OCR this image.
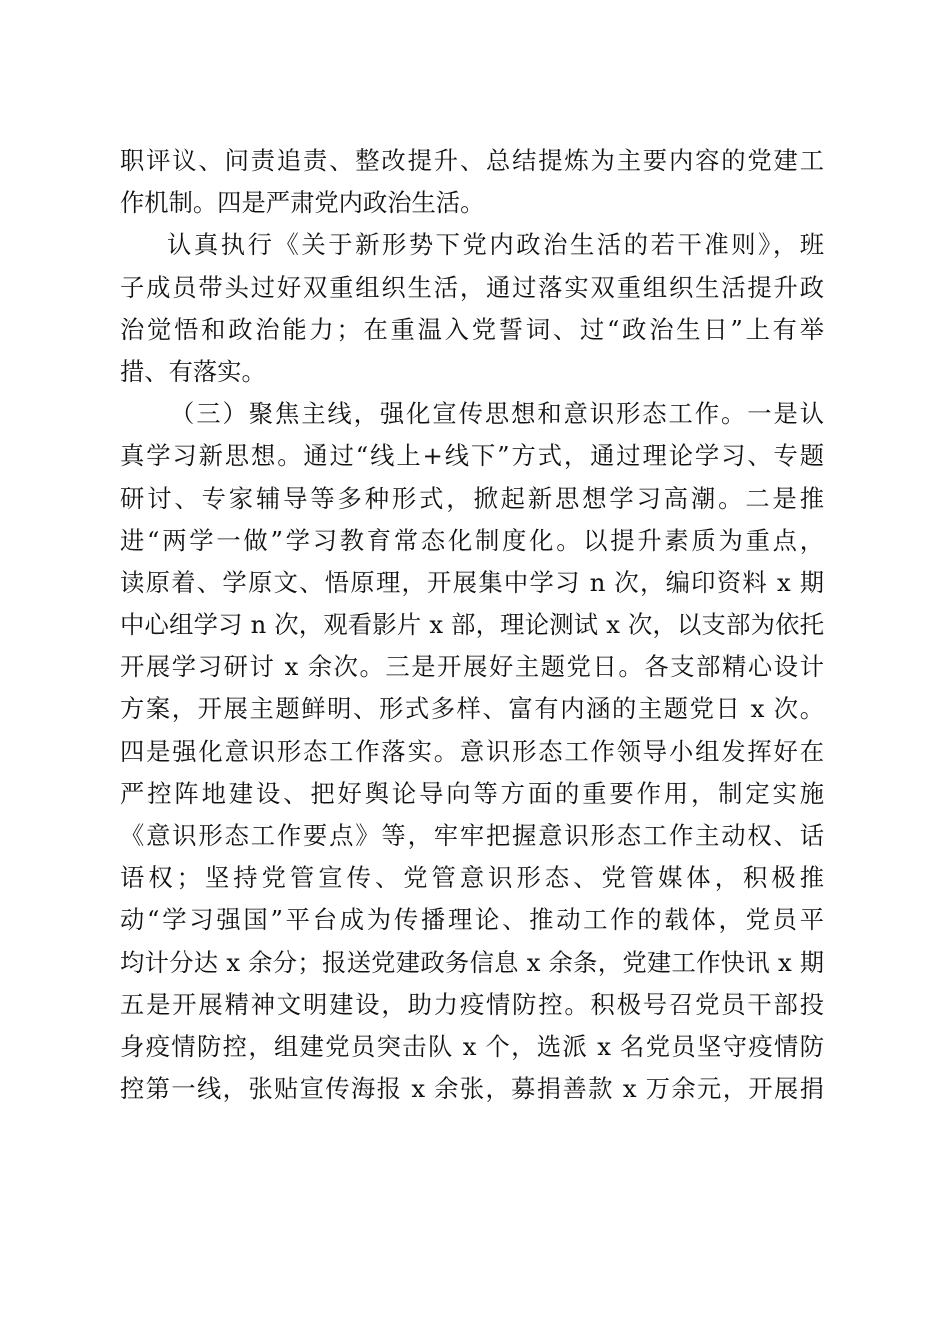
职评议、问责追责、整改提升、总结提炼为主要内容的党建工
作机制。四是严肃党内政治生活。
认真执行《关于新形势下党内政治生活的若干准则》，班
子成员带头过好双重组织生活，通过落实双重组织生活提升政
治觉悟和政治能力；在重温入党誓词、过“政治生日”上有举
措、有落实。
（三）聚焦主线，强化宣传思想和意识形态工作。一是认
真学习新思想。通过“线上+线下”方式，通过理论学习、专题
研讨、专家辅导等多种形式，掀起新思想学习高潮。二是推
进“两学一做”学习教育常态化制度化。以提升素质为重点，
读原着、学原文、悟原理，开展集中学习 n 次，编印资料 x 期
中心组学习 n 次，观看影片 x 部，理论测试 x 次，以支部为依托
开展学习研讨 x 余次。三是开展好主题党日。各支部精心设计
方案，开展主题鲜明、形式多样、富有内涵的主题党日 x 次。
四是强化意识形态工作落实。意识形态工作领导小组发挥好在
严控阵地建设、把好舆论导向等方面的重要作用，制定实施
《意识形态工作要点》等，牢牢把握意识形态工作主动权、话
语权；坚持党管宣传、党管意识形态、党管媒体，积极推
动“学习强国”平台成为传播理论、推动工作的载体，党员平
均计分达 x 余分；报送党建政务信息 x 余条，党建工作快讯 x 期
五是开展精神文明建设，助力疫情防控。积极号召党员干部投
身疫情防控，组建党员突击队 x 个，选派 x 名党员坚守疫情防
控第一线，张贴宣传海报 x 余张，募捐善款 x 万余元，开展捐
